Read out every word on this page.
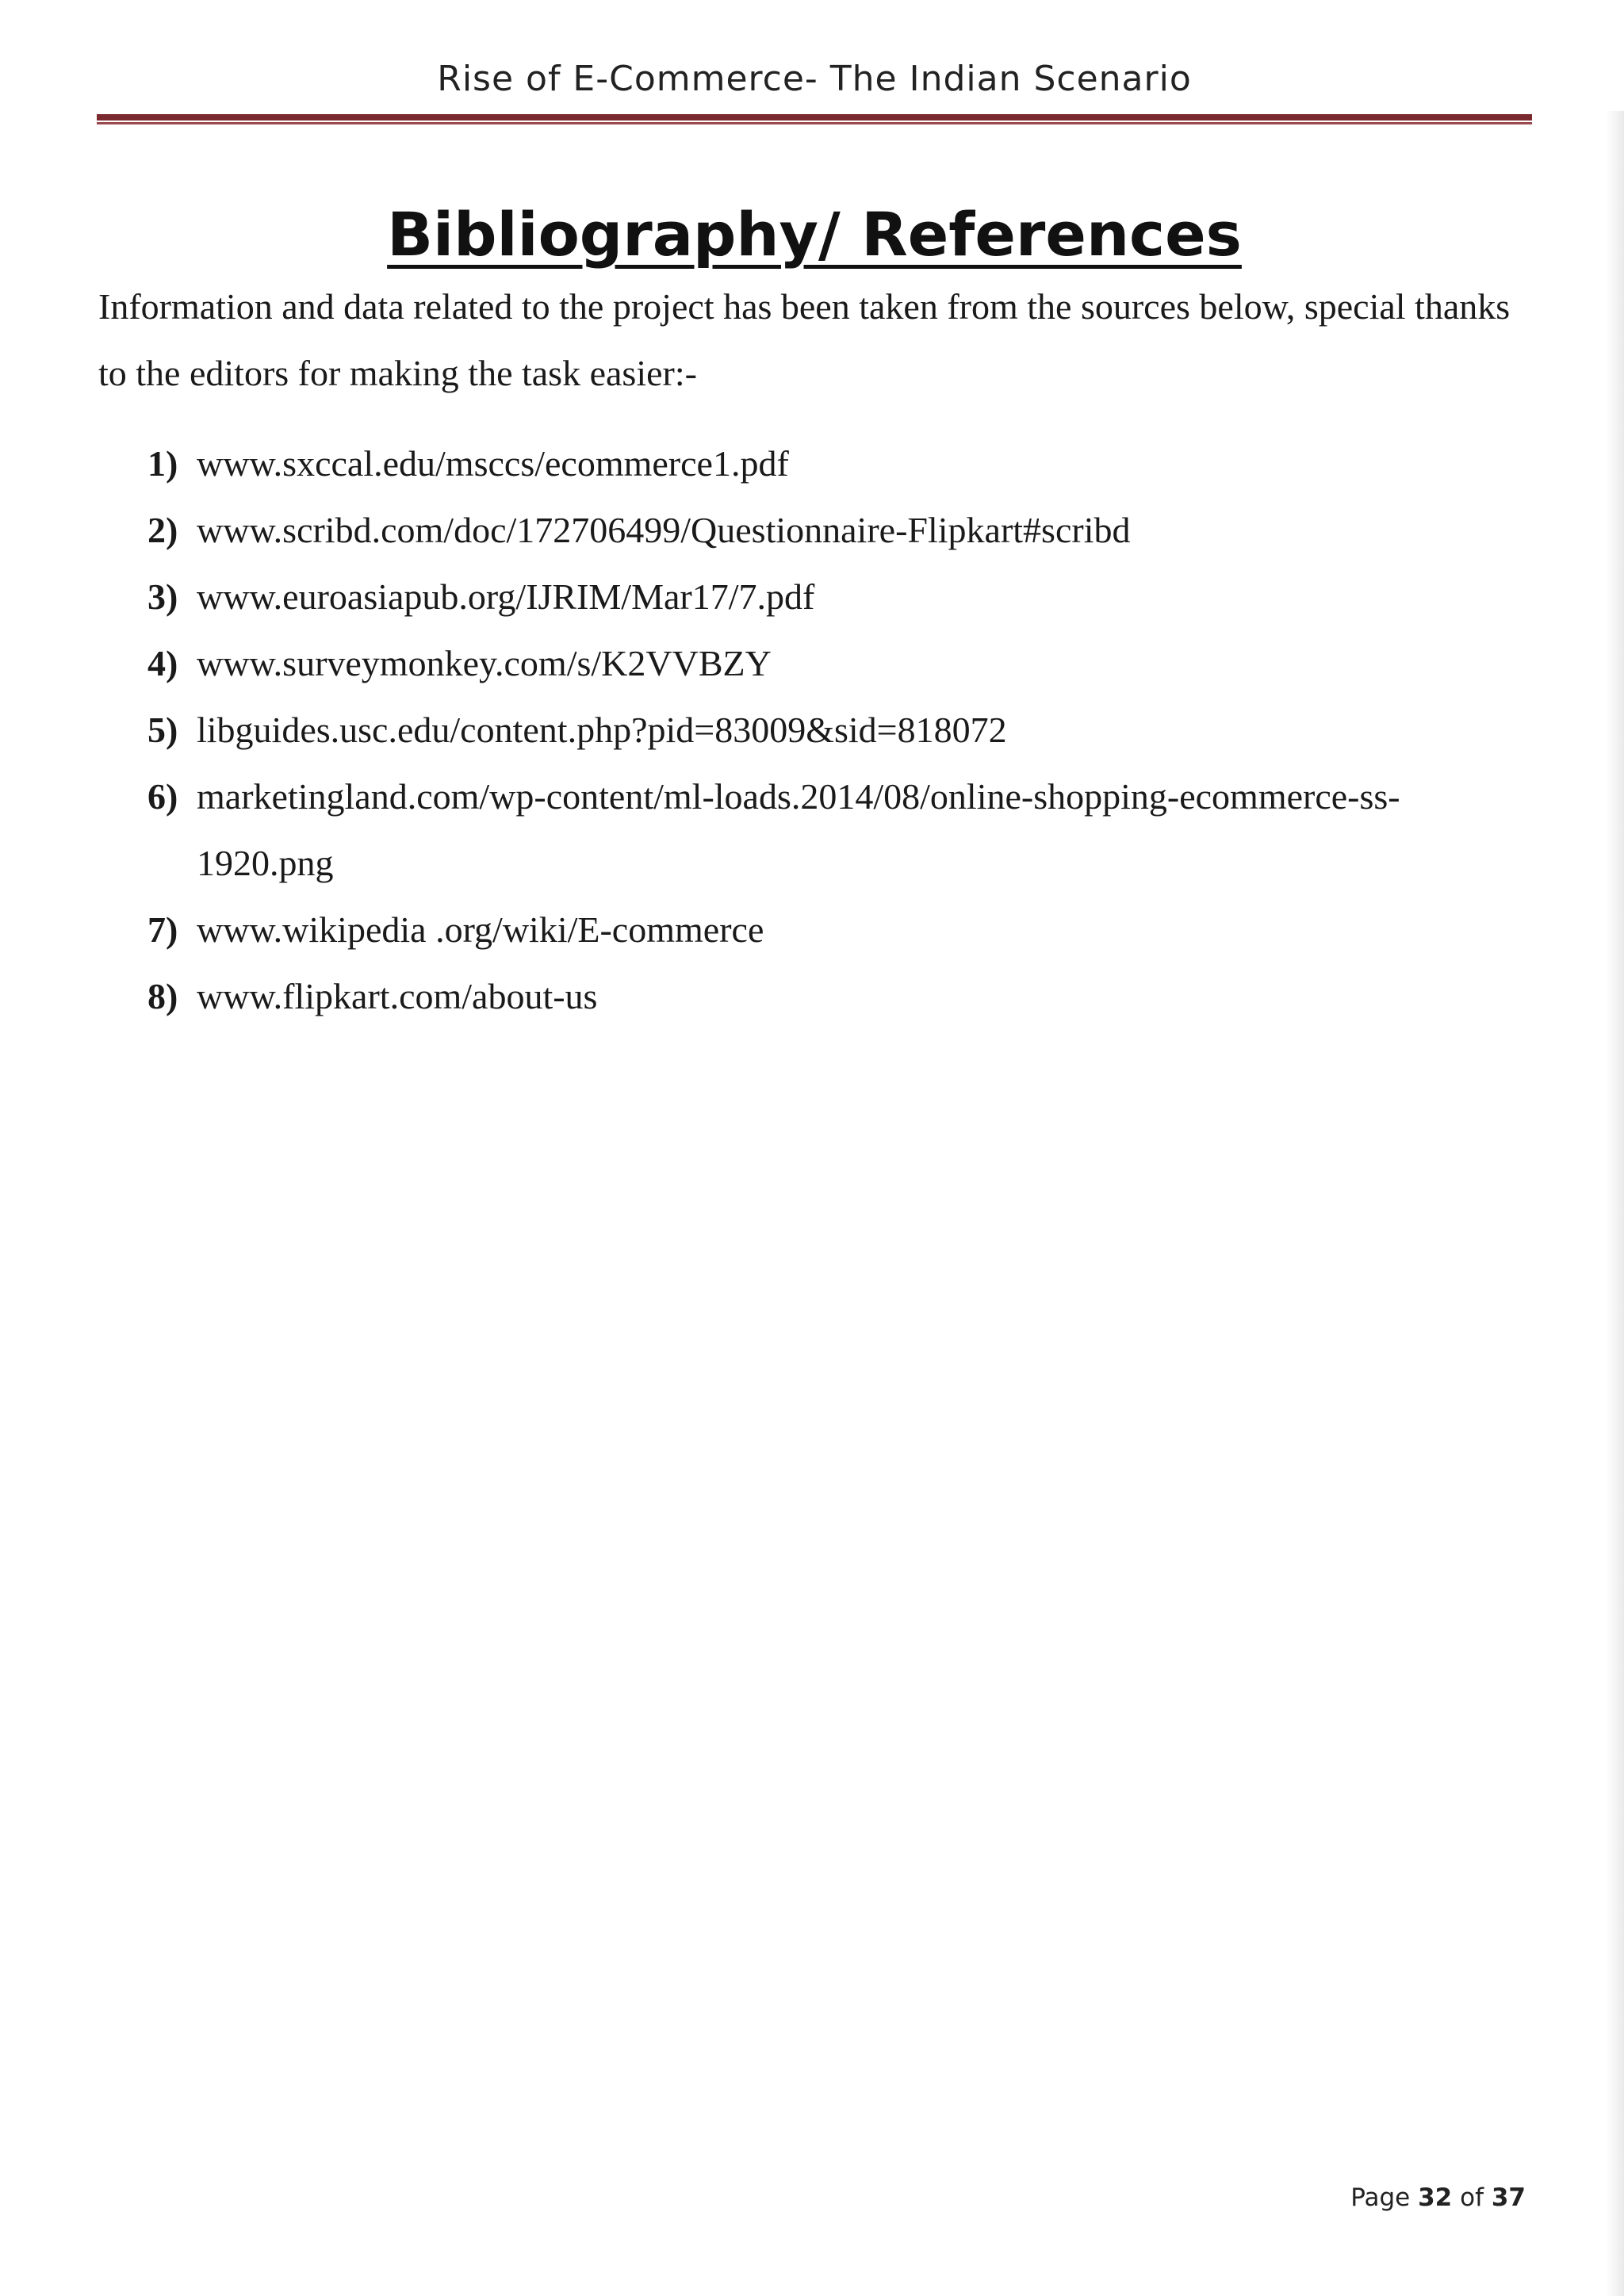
Rise of E-Commerce- The Indian Scenario
Bibliography/ References

Information and data related to the project has been taken from the sources below, special thanks to the editors for making the task easier:-

1) www.sxccal.edu/msccs/ecommerce1.pdf
2) www.scribd.com/doc/172706499/Questionnaire-Flipkart#scribd
3) www.euroasiapub.org/IJRIM/Mar17/7.pdf
4) www.surveymonkey.com/s/K2VVBZY
5) libguides.usc.edu/content.php?pid=83009&sid=818072
6) marketingland.com/wp-content/ml-loads.2014/08/online-shopping-ecommerce-ss-1920.png
7) www.wikipedia .org/wiki/E-commerce
8) www.flipkart.com/about-us
Page 32 of 37
